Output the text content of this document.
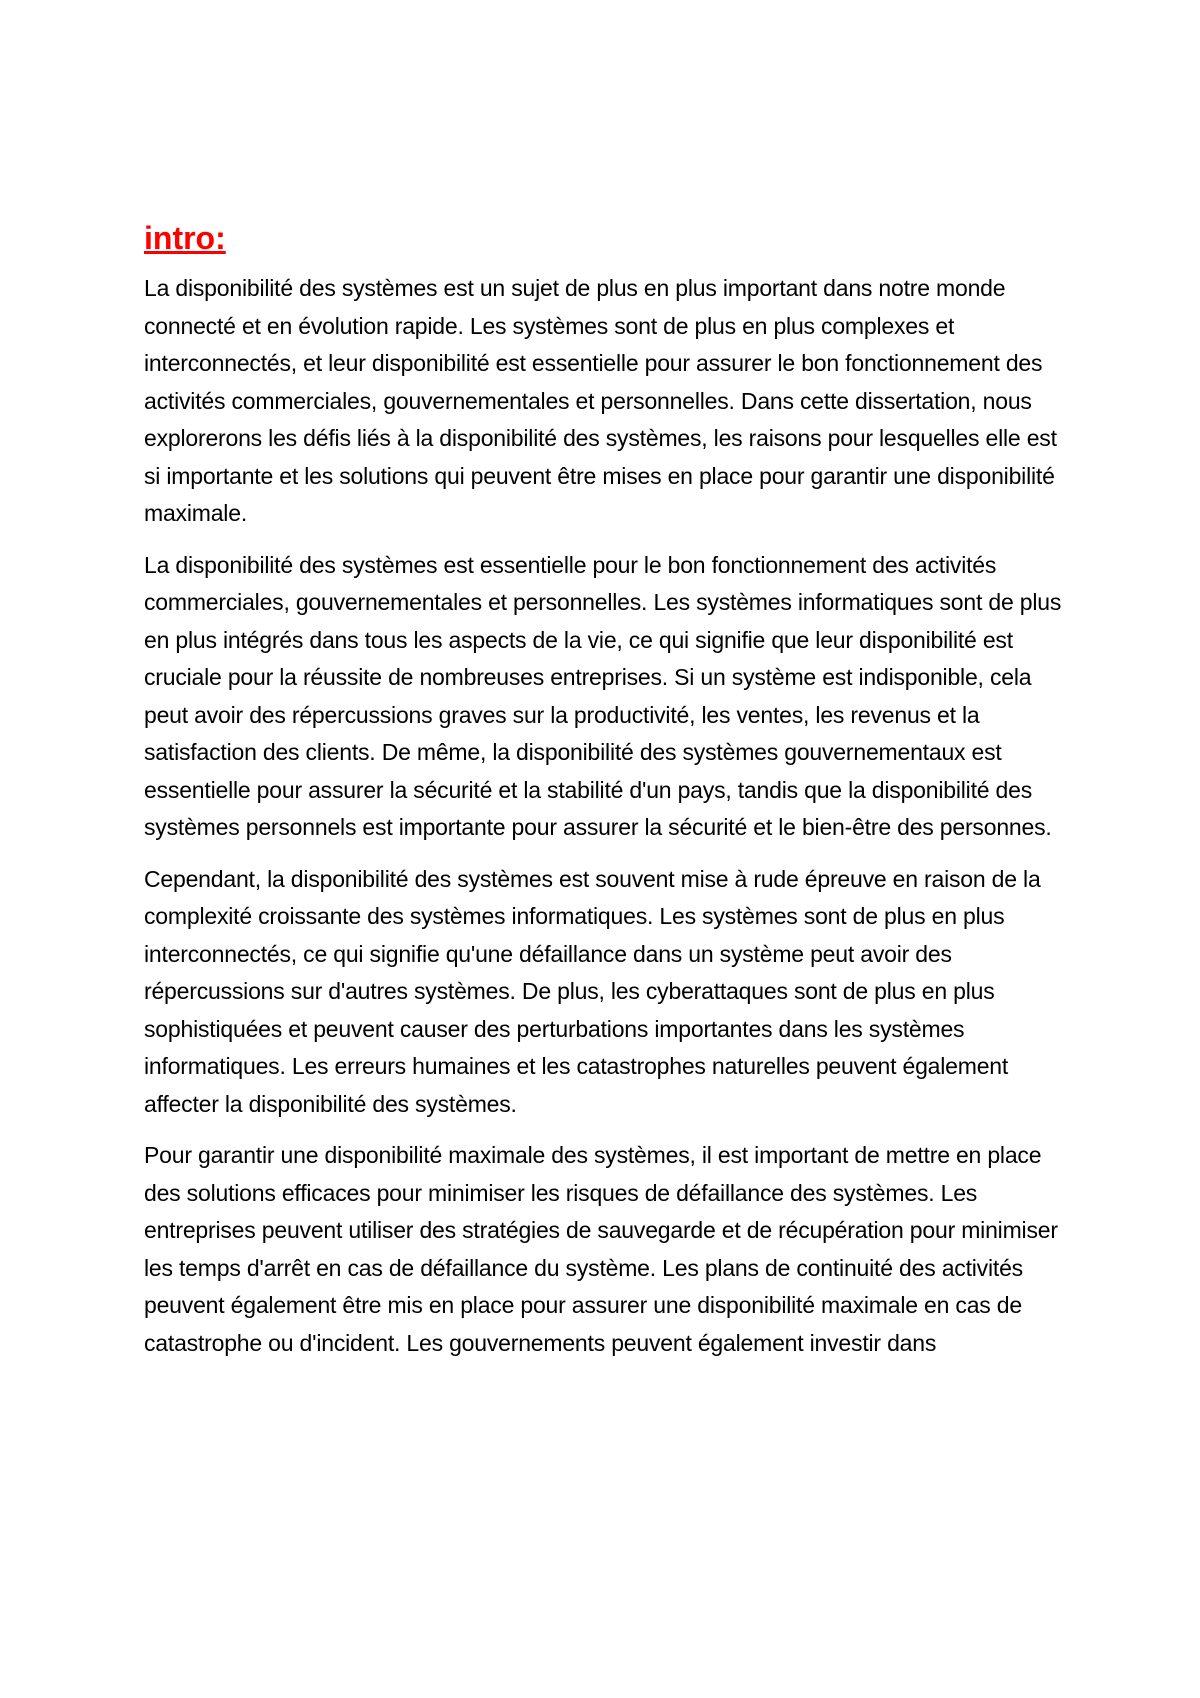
intro:

La disponibilité des systèmes est un sujet de plus en plus important dans notre monde connecté et en évolution rapide. Les systèmes sont de plus en plus complexes et interconnectés, et leur disponibilité est essentielle pour assurer le bon fonctionnement des activités commerciales, gouvernementales et personnelles. Dans cette dissertation, nous explorerons les défis liés à la disponibilité des systèmes, les raisons pour lesquelles elle est si importante et les solutions qui peuvent être mises en place pour garantir une disponibilité maximale.

La disponibilité des systèmes est essentielle pour le bon fonctionnement des activités commerciales, gouvernementales et personnelles. Les systèmes informatiques sont de plus en plus intégrés dans tous les aspects de la vie, ce qui signifie que leur disponibilité est cruciale pour la réussite de nombreuses entreprises. Si un système est indisponible, cela peut avoir des répercussions graves sur la productivité, les ventes, les revenus et la satisfaction des clients. De même, la disponibilité des systèmes gouvernementaux est essentielle pour assurer la sécurité et la stabilité d'un pays, tandis que la disponibilité des systèmes personnels est importante pour assurer la sécurité et le bien-être des personnes.

Cependant, la disponibilité des systèmes est souvent mise à rude épreuve en raison de la complexité croissante des systèmes informatiques. Les systèmes sont de plus en plus interconnectés, ce qui signifie qu'une défaillance dans un système peut avoir des répercussions sur d'autres systèmes. De plus, les cyberattaques sont de plus en plus sophistiquées et peuvent causer des perturbations importantes dans les systèmes informatiques. Les erreurs humaines et les catastrophes naturelles peuvent également affecter la disponibilité des systèmes.

Pour garantir une disponibilité maximale des systèmes, il est important de mettre en place des solutions efficaces pour minimiser les risques de défaillance des systèmes. Les entreprises peuvent utiliser des stratégies de sauvegarde et de récupération pour minimiser les temps d'arrêt en cas de défaillance du système. Les plans de continuité des activités peuvent également être mis en place pour assurer une disponibilité maximale en cas de catastrophe ou d'incident. Les gouvernements peuvent également investir dans
